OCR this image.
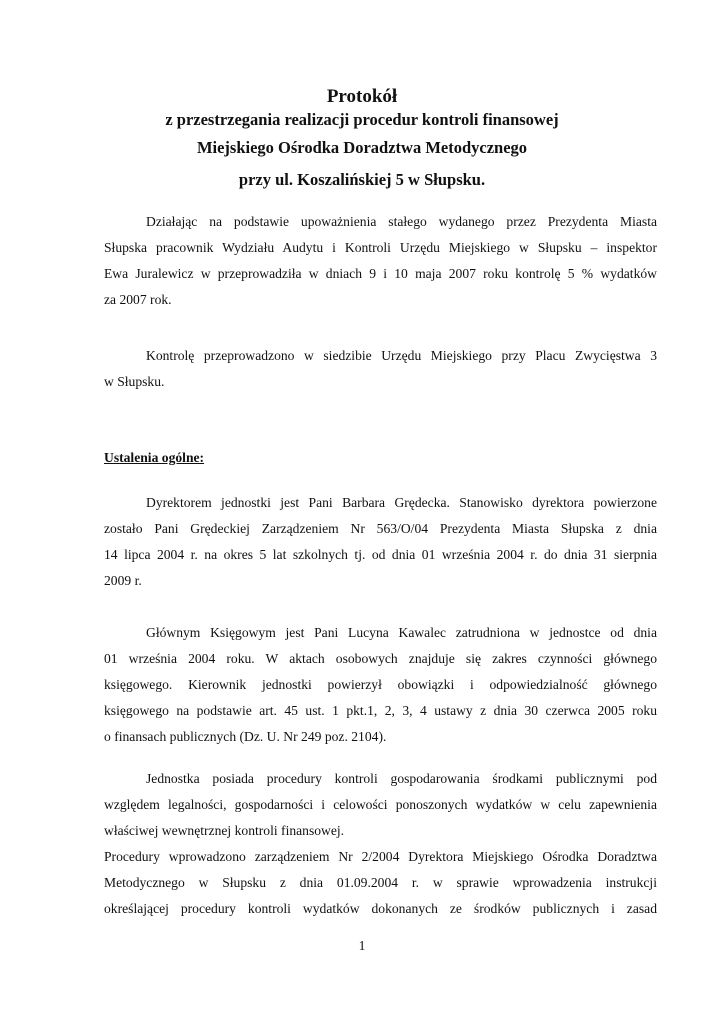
Protokół
z przestrzegania realizacji procedur kontroli finansowej
Miejskiego Ośrodka Doradztwa Metodycznego
przy ul. Koszalińskiej 5 w Słupsku.
Działając na podstawie upoważnienia stałego wydanego przez Prezydenta Miasta
Słupska pracownik Wydziału Audytu i Kontroli Urzędu Miejskiego w Słupsku – inspektor
Ewa Juralewicz w przeprowadziła w dniach 9 i 10 maja 2007 roku kontrolę 5 % wydatków
za 2007 rok.
Kontrolę przeprowadzono w siedzibie Urzędu Miejskiego przy Placu Zwycięstwa 3
w Słupsku.
Ustalenia ogólne:
Dyrektorem jednostki jest Pani Barbara Grędecka. Stanowisko dyrektora powierzone
zostało Pani Grędeckiej Zarządzeniem Nr 563/O/04 Prezydenta Miasta Słupska z dnia
14 lipca 2004 r. na okres 5 lat szkolnych tj. od dnia 01 września 2004 r. do dnia 31 sierpnia
2009 r.
Głównym Księgowym jest Pani Lucyna Kawalec zatrudniona w jednostce od dnia
01 września 2004 roku. W aktach osobowych znajduje się zakres czynności głównego
księgowego. Kierownik jednostki powierzył obowiązki i odpowiedzialność głównego
księgowego na podstawie art. 45 ust. 1 pkt.1, 2, 3, 4 ustawy z dnia 30 czerwca 2005 roku
o finansach publicznych (Dz. U. Nr 249 poz. 2104).
Jednostka posiada procedury kontroli gospodarowania środkami publicznymi pod
względem legalności, gospodarności i celowości ponoszonych wydatków w celu zapewnienia
właściwej wewnętrznej kontroli finansowej.
Procedury wprowadzono zarządzeniem Nr 2/2004 Dyrektora Miejskiego Ośrodka Doradztwa
Metodycznego w Słupsku z dnia 01.09.2004 r. w sprawie wprowadzenia instrukcji
określającej procedury kontroli wydatków dokonanych ze środków publicznych i zasad
1
